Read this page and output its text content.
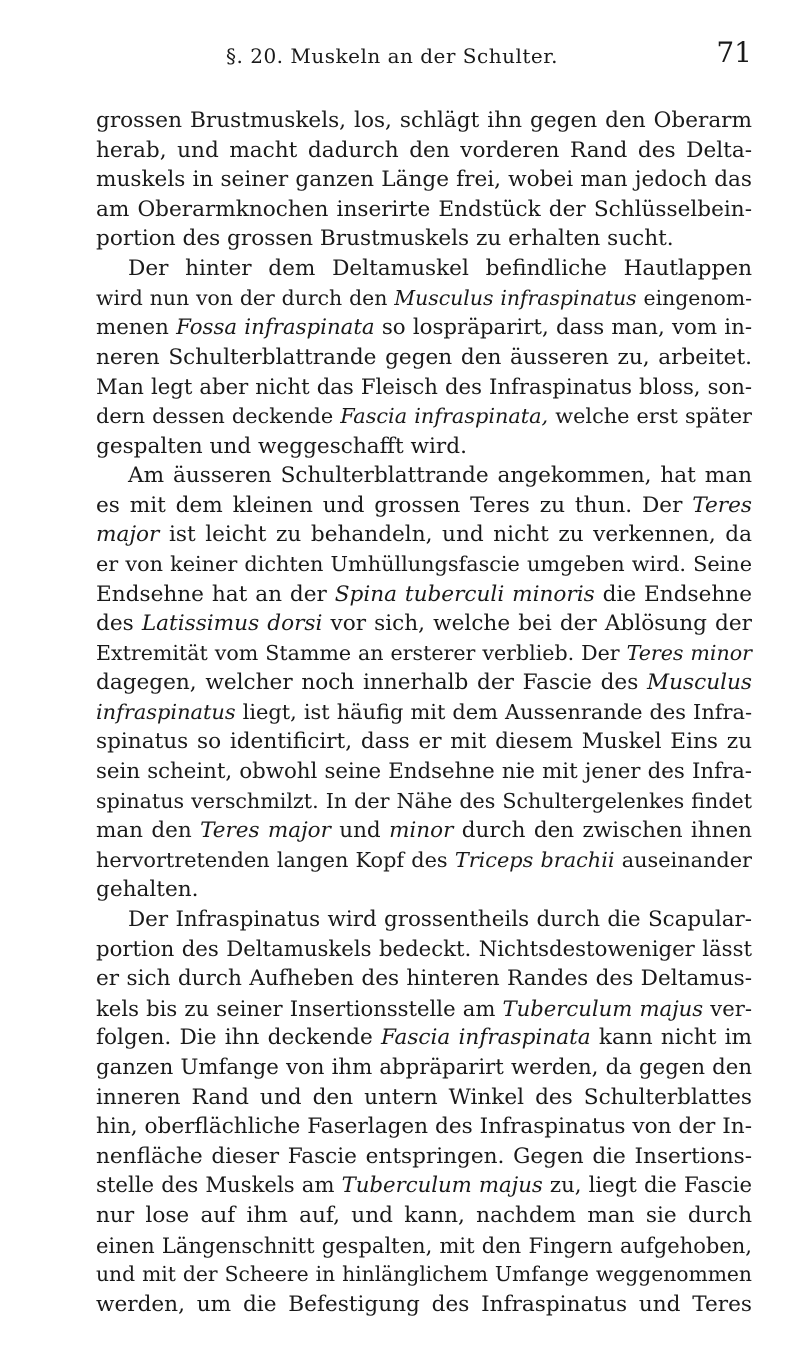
§. 20. Muskeln an der Schulter.	71
grossen Brustmuskels, los, schlägt ihn gegen den Oberarm
herab, und macht dadurch den vorderen Rand des Delta-
muskels in seiner ganzen Länge frei, wobei man jedoch das
am Oberarmknochen inserirte Endstück der Schlüsselbein-
portion des grossen Brustmuskels zu erhalten sucht.
Der hinter dem Deltamuskel befindliche Hautlappen
wird nun von der durch den Musculus infraspinatus eingenom-
menen Fossa infraspinata so lospräparirt, dass man, vom in-
neren Schulterblattrande gegen den äusseren zu, arbeitet.
Man legt aber nicht das Fleisch des Infraspinatus bloss, son-
dern dessen deckende Fascia infraspinata, welche erst später
gespalten und weggeschafft wird.
Am äusseren Schulterblattrande angekommen, hat man
es mit dem kleinen und grossen Teres zu thun. Der Teres
major ist leicht zu behandeln, und nicht zu verkennen, da
er von keiner dichten Umhüllungsfascie umgeben wird. Seine
Endsehne hat an der Spina tuberculi minoris die Endsehne
des Latissimus dorsi vor sich, welche bei der Ablösung der
Extremität vom Stamme an ersterer verblieb. Der Teres minor
dagegen, welcher noch innerhalb der Fascie des Musculus
infraspinatus liegt, ist häufig mit dem Aussenrande des Infra-
spinatus so identificirt, dass er mit diesem Muskel Eins zu
sein scheint, obwohl seine Endsehne nie mit jener des Infra-
spinatus verschmilzt. In der Nähe des Schultergelenkes findet
man den Teres major und minor durch den zwischen ihnen
hervortretenden langen Kopf des Triceps brachii auseinander
gehalten.
Der Infraspinatus wird grossentheils durch die Scapular-
portion des Deltamuskels bedeckt. Nichtsdestoweniger lässt
er sich durch Aufheben des hinteren Randes des Deltamus-
kels bis zu seiner Insertionsstelle am Tuberculum majus ver-
folgen. Die ihn deckende Fascia infraspinata kann nicht im
ganzen Umfange von ihm abpräparirt werden, da gegen den
inneren Rand und den untern Winkel des Schulterblattes
hin, oberflächliche Faserlagen des Infraspinatus von der In-
nenfläche dieser Fascie entspringen. Gegen die Insertions-
stelle des Muskels am Tuberculum majus zu, liegt die Fascie
nur lose auf ihm auf, und kann, nachdem man sie durch
einen Längenschnitt gespalten, mit den Fingern aufgehoben,
und mit der Scheere in hinlänglichem Umfange weggenommen
werden, um die Befestigung des Infraspinatus und Teres
